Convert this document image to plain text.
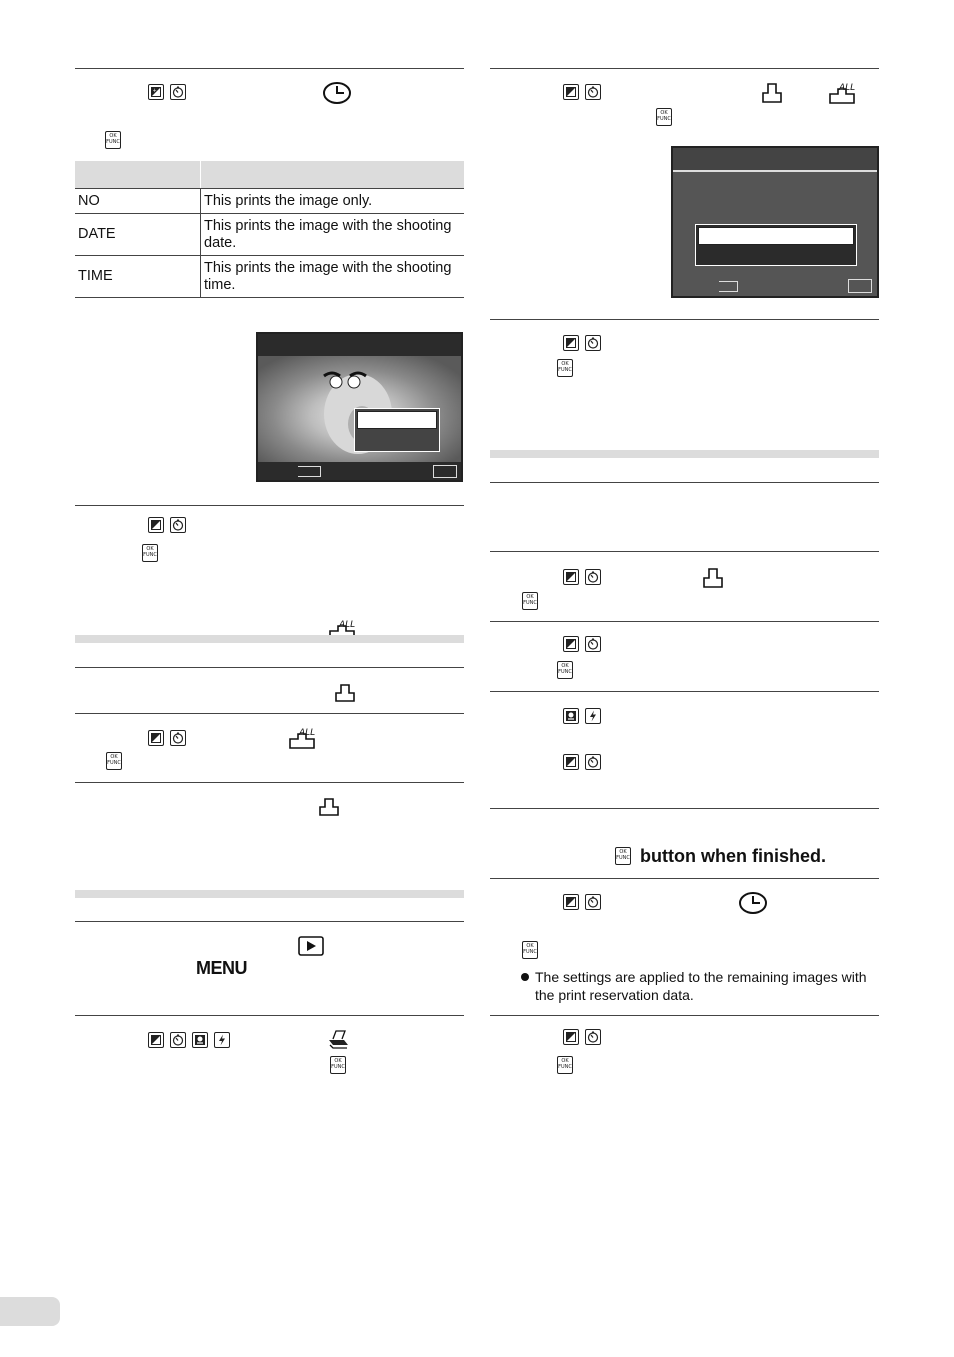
+
OK
FUNC

NO	This prints the image only.
DATE	This prints the image with the shooting date.
TIME	This prints the image with the shooting time.
OK
FUNC
ALL
ALL
OK
FUNC
MENU
OK
FUNC
ALL
OK
FUNC
OK
FUNC
OK
FUNC
OK
FUNC
OK
FUNC button when finished.
OK
FUNC
The settings are applied to the remaining images with the print reservation data.
OK
FUNC
